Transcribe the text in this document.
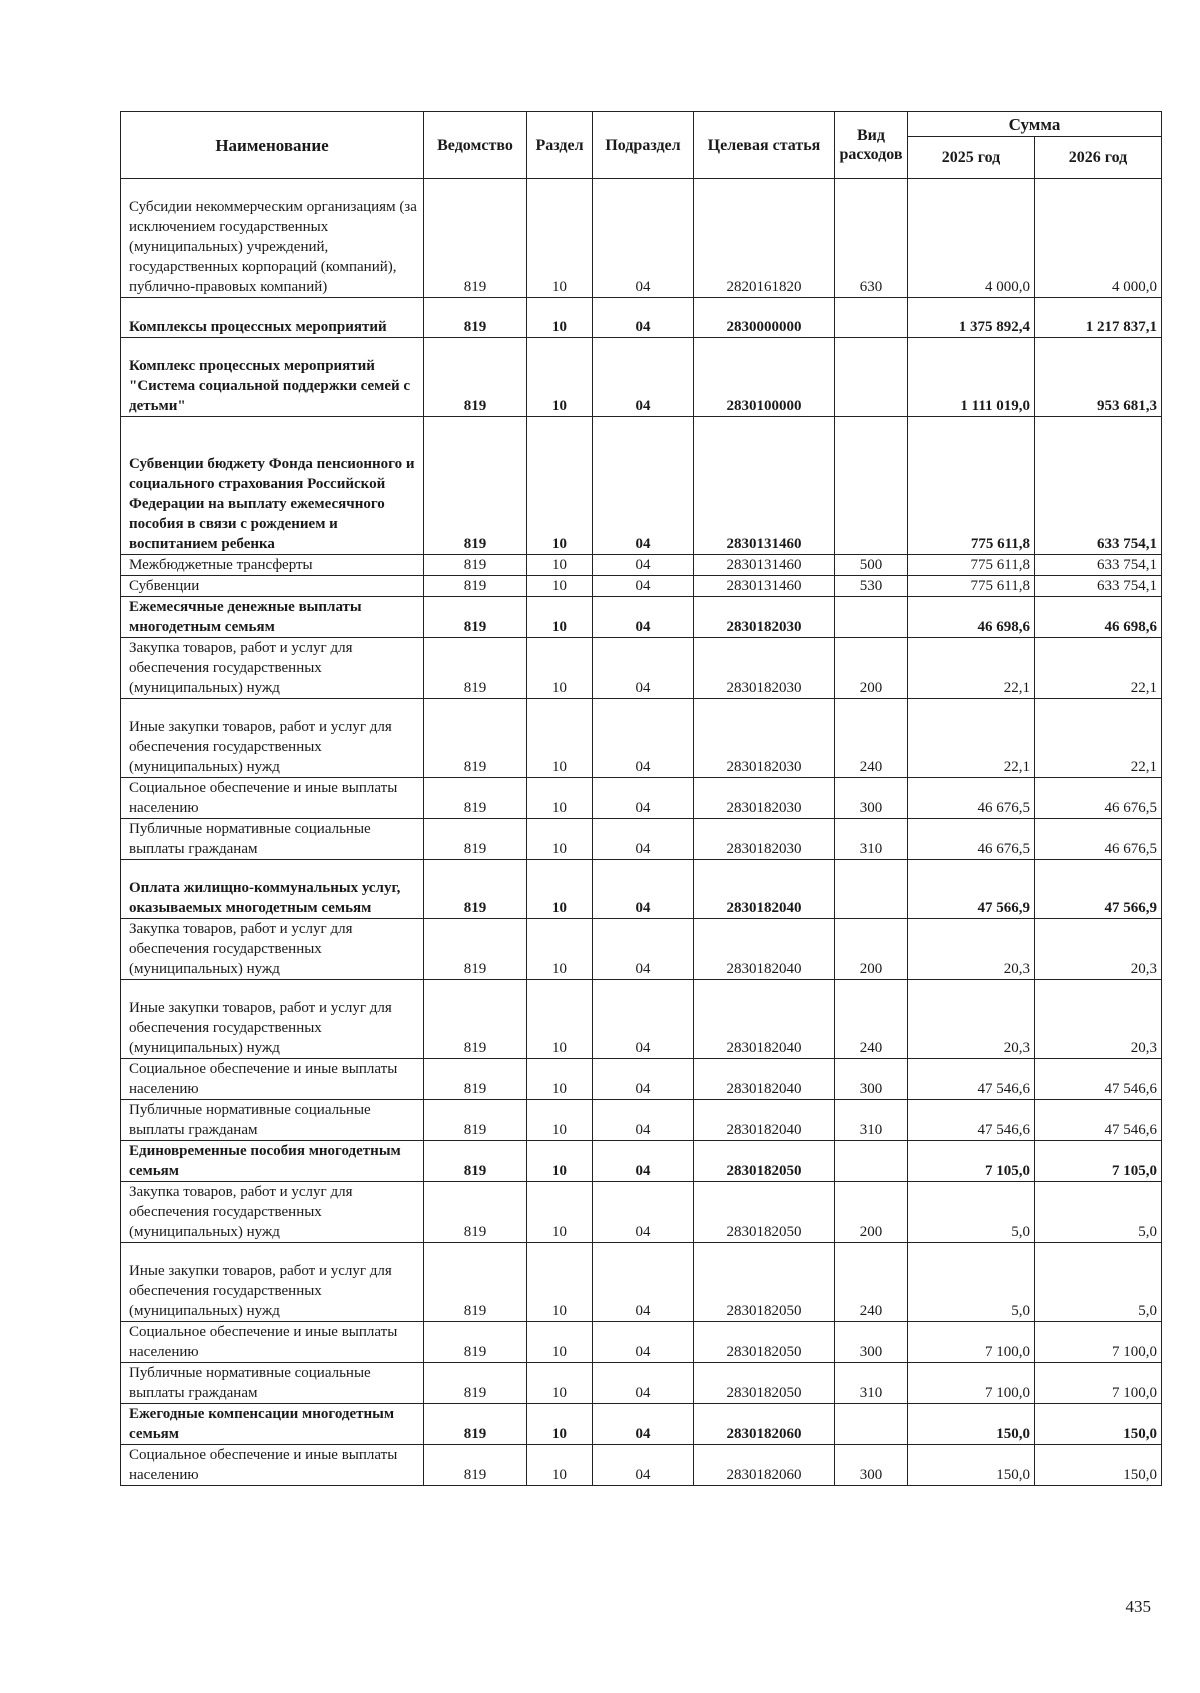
Наименование	Ведомство	Раздел	Подраздел	Целевая статья	Вид расходов	Сумма	
						2025 год	2026 год
Субсидии некоммерческим организациям (за исключением государственных (муниципальных) учреждений, государственных корпораций (компаний), публично-правовых компаний)	819	10	04	2820161820	630	4 000,0	4 000,0
Комплексы процессных мероприятий	819	10	04	2830000000		1 375 892,4	1 217 837,1
Комплекс процессных мероприятий "Система социальной поддержки семей с детьми"	819	10	04	2830100000		1 111 019,0	953 681,3
Субвенции бюджету Фонда пенсионного и социального страхования Российской Федерации на выплату ежемесячного пособия в связи с рождением и воспитанием ребенка	819	10	04	2830131460		775 611,8	633 754,1
Межбюджетные трансферты	819	10	04	2830131460	500	775 611,8	633 754,1
Субвенции	819	10	04	2830131460	530	775 611,8	633 754,1
Ежемесячные денежные выплаты многодетным семьям	819	10	04	2830182030		46 698,6	46 698,6
Закупка товаров, работ и услуг для обеспечения государственных (муниципальных) нужд	819	10	04	2830182030	200	22,1	22,1
Иные закупки товаров, работ и услуг для обеспечения государственных (муниципальных) нужд	819	10	04	2830182030	240	22,1	22,1
Социальное обеспечение и иные выплаты населению	819	10	04	2830182030	300	46 676,5	46 676,5
Публичные нормативные социальные выплаты гражданам	819	10	04	2830182030	310	46 676,5	46 676,5
Оплата жилищно-коммунальных услуг, оказываемых многодетным семьям	819	10	04	2830182040		47 566,9	47 566,9
Закупка товаров, работ и услуг для обеспечения государственных (муниципальных) нужд	819	10	04	2830182040	200	20,3	20,3
Иные закупки товаров, работ и услуг для обеспечения государственных (муниципальных) нужд	819	10	04	2830182040	240	20,3	20,3
Социальное обеспечение и иные выплаты населению	819	10	04	2830182040	300	47 546,6	47 546,6
Публичные нормативные социальные выплаты гражданам	819	10	04	2830182040	310	47 546,6	47 546,6
Единовременные пособия многодетным семьям	819	10	04	2830182050		7 105,0	7 105,0
Закупка товаров, работ и услуг для обеспечения государственных (муниципальных) нужд	819	10	04	2830182050	200	5,0	5,0
Иные закупки товаров, работ и услуг для обеспечения государственных (муниципальных) нужд	819	10	04	2830182050	240	5,0	5,0
Социальное обеспечение и иные выплаты населению	819	10	04	2830182050	300	7 100,0	7 100,0
Публичные нормативные социальные выплаты гражданам	819	10	04	2830182050	310	7 100,0	7 100,0
Ежегодные компенсации многодетным семьям	819	10	04	2830182060		150,0	150,0
Социальное обеспечение и иные выплаты населению	819	10	04	2830182060	300	150,0	150,0
435
